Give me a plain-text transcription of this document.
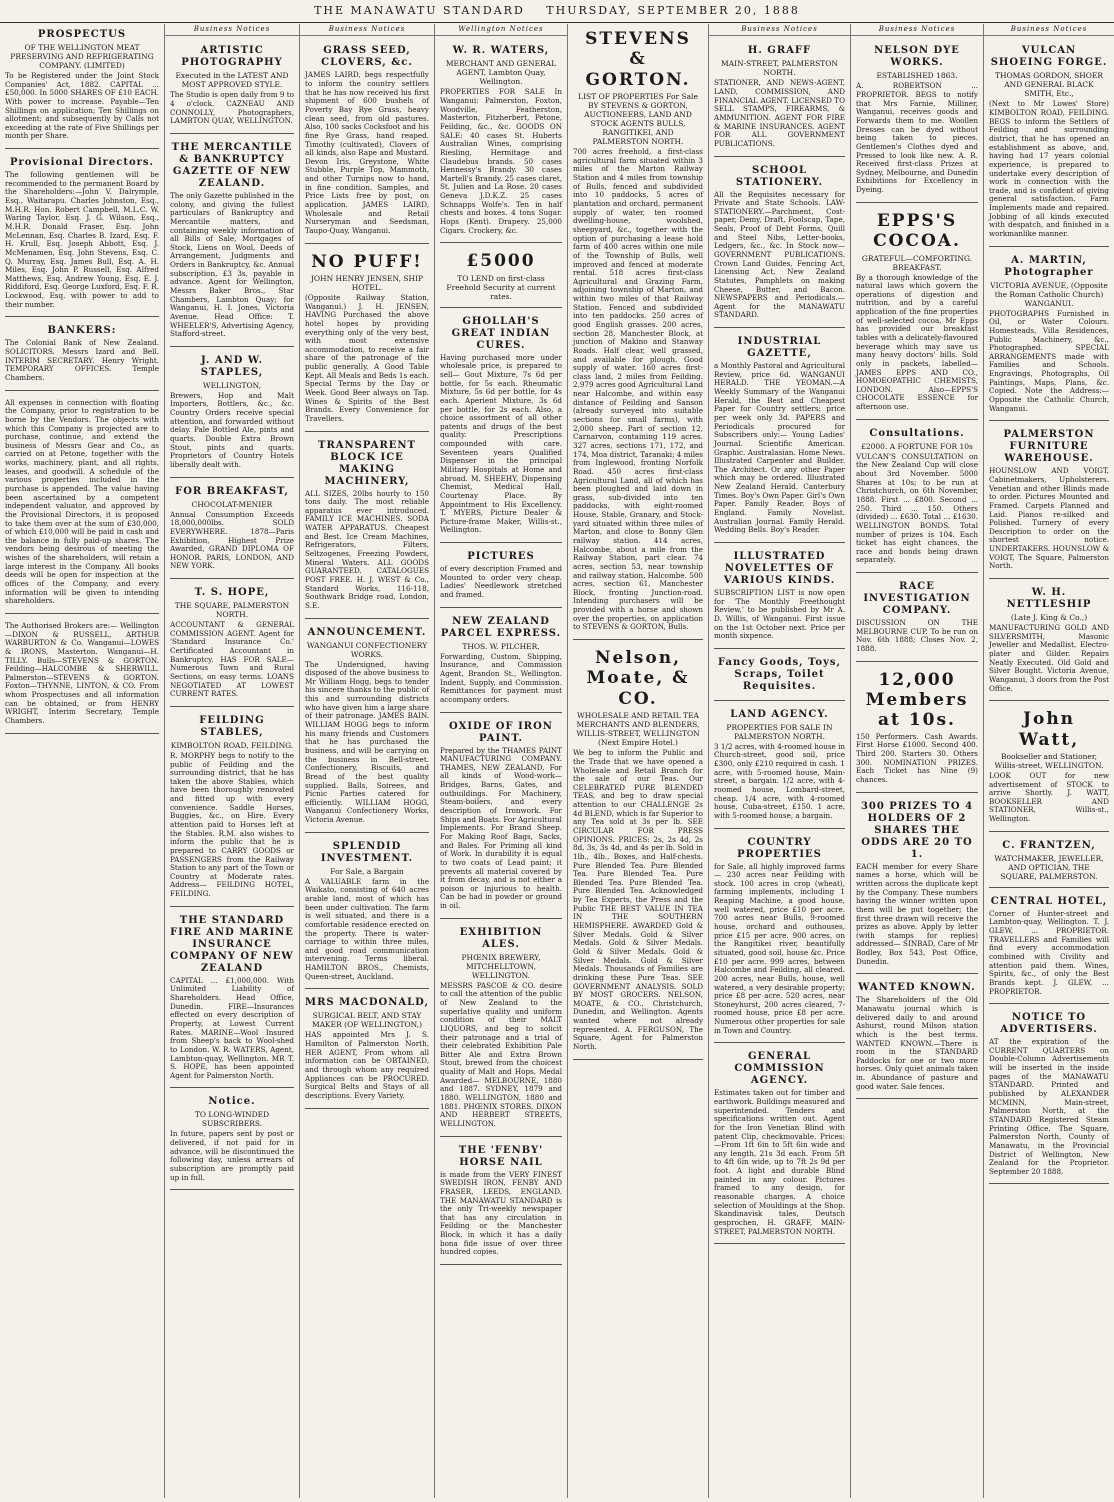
THE MANAWATU STANDARD THURSDAY, SEPTEMBER 20, 1888
PROSPECTUS
OF THE WELLINGTON MEAT PRESERVING AND REFRIGERATING COMPANY. (LIMITED)
To be Registered under the Joint Stock Companies' Act, 1882. CAPITAL ... £50,000. In 5000 SHARES OF £10 EACH. With power to increase. Payable—Ten Shillings on application; Ten Shillings on allotment; and subsequently by Calls not exceeding at the rate of Five Shillings per month per Share.
Provisional Directors.
The following gentlemen will be recommended to the permanent Board by the Shareholders:—John V. Dalrymple, Esq., Waitarapu. Charles Johnston, Esq., M.H.R. Hon. Robert Campbell, M.L.C. W. Waring Taylor, Esq. J. G. Wilson, Esq., M.H.R. Donald Fraser, Esq. John McLennan, Esq. Charles B. Izard, Esq. F. H. Krull, Esq. Joseph Abbott, Esq. J. McMenamen, Esq. John Stevens, Esq. C. Q. Murray, Esq. James Bull, Esq. A. H. Miles, Esq. John P. Russell, Esq. Alfred Matthews, Esq. Andrew Young, Esq. E. J. Riddiford, Esq. George Luxford, Esq. F. R. Lockwood, Esq. with power to add to their number.
BANKERS:
The Colonial Bank of New Zealand. SOLICITORS. Messrs Izard and Bell. INTERIM SECRETARY. Henry Wright. TEMPORARY OFFICES. Temple Chambers.
All expenses in connection with floating the Company, prior to registration to be borne by the Vendors. The objects with which this Company is projected are to purchase, continue, and extend the business of Messrs Gear and Co., as carried on at Petone, together with the works, machinery, plant, and all rights, leases, and goodwill. A schedule of the various properties included in the purchase is appended. The value having been ascertained by a competent independent valuator, and approved by the Provisional Directors, it is proposed to take them over at the sum of £30,000, of which £10,000 will be paid in cash and the balance in fully paid-up shares. The vendors being desirous of meeting the wishes of the shareholders, will retain a large interest in the Company. All books deeds will be open for inspection at the offices of the Company, and every information will be given to intending shareholders.
The Authorised Brokers are:— Wellington—DIXON & RUSSELL, ARTHUR WARBURTON & Co. Wanganui—LOWES & IRONS, Masterton. Wanganui—H. TILLY. Bulls—STEVENS & GORTON. Feilding—HALCOMBE & SHERWILL. Palmerston—STEVENS & GORTON. Foxton—THYNNE, LINTON, & CO. From whom Prospectuses and all information can be obtained, or from HENRY WRIGHT, Interim Secretary, Temple Chambers.
Business Notices
ARTISTIC PHOTOGRAPHY
Executed in the LATEST AND MOST APPROVED STYLE.
The Studio is open daily from 9 to 4 o'clock. CAZNEAU AND CONNOLLY, Photographers, LAMBTON QUAY, WELLINGTON.
THE MERCANTILE & BANKRUPTCY GAZETTE OF NEW ZEALAND.
The only Gazette published in the colony, and giving the fullest particulars of Bankruptcy and Mercantile matters, and containing weekly information of all Bills of Sale, Mortgages of Stock, Liens on Wool, Deeds of Arrangement, Judgments and Orders in Bankruptcy, &c. Annual subscription, £3 3s, payable in advance. Agent for Wellington, Messrs Baker Bros., Star Chambers, Lambton Quay; for Wanganui, H. I. Jones, Victoria Avenue. Head Office: T. WHEELER'S, Advertising Agency, Stafford-street.
J. AND W. STAPLES,
WELLINGTON,
Brewers, Hop and Malt Importers, Bottlers, &c., &c. Country Orders receive special attention, and forwarded without delay. Pale Bottled Ale, pints and quarts. Double Extra Brown Stout, pints and quarts. Proprietors of Country Hotels liberally dealt with.
FOR BREAKFAST,
CHOCOLAT-MENIER
Annual Consumption Exceeds 18,000,000lbs. SOLD EVERYWHERE. 1878—Paris Exhibition, Highest Prize Awarded, GRAND DIPLOMA OF HONOR. PARIS, LONDON, AND NEW YORK.
T. S. HOPE,
THE SQUARE, PALMERSTON NORTH.
ACCOUNTANT & GENERAL COMMISSION AGENT. Agent for 'Standard Insurance Co.' Certificated Accountant in Bankruptcy. HAS FOR SALE—Numerous Town and Rural Sections, on easy terms. LOANS NEGOTIATED AT LOWEST CURRENT RATES.
FEILDING STABLES,
KIMBOLTON ROAD, FEILDING.
R. MORPHY begs to notify to the public of Feilding and the surrounding district, that he has taken the above Stables, which have been thoroughly renovated and fitted up with every convenience. Saddle Horses, Buggies, &c., on Hire. Every attention paid to Horses left at the Stables. R.M. also wishes to inform the public that he is prepared to CARRY GOODS or PASSENGERS from the Railway Station to any part of the Town or Country at Moderate rates. Address— FEILDING HOTEL, FEILDING.
THE STANDARD FIRE AND MARINE INSURANCE COMPANY OF NEW ZEALAND
CAPITAL ... £1,000,000. With Unlimited Liability of Shareholders. Head Office, Dunedin. FIRE—Insurances effected on every description of Property, at Lowest Current Rates. MARINE—Wool Insured from Sheep's back to Wool-shed to London. W. R. WATERS, Agent, Lambton-quay, Wellington. MR T. S. HOPE, has been appointed Agent for Palmerston North.
Notice.
TO LONG-WINDED SUBSCRIBERS.
In future, papers sent by post or delivered, if not paid for in advance, will be discontinued the following day, unless arrears of subscription are promptly paid up in full.
Business Notices
GRASS SEED, CLOVERS, &c.
JAMES LAIRD, begs respectfully to inform the country settlers that he has now received his first shipment of 600 bushels of Poverty Bay Rye Grass, heavy clean seed, from old pastures. Also, 100 sacks Cocksfoot and his fine Rye Grass, hand reaped. Timothy (cultivated), Clovers of all kinds, also Rape and Mustard. Devon Iris, Greystone, White Stubble, Purple Top, Mammoth, and other Turnips now to hand, in fine condition. Samples, and Price Lists free by post, on application. JAMES LAIRD, Wholesale and Retail Nurseryman and Seedsman, Taupo-Quay, Wanganui.
NO PUFF!
JOHN HENRY JENSEN, SHIP HOTEL.
(Opposite Railway Station, Wanganui.) J. H. JENSEN, HAVING Purchased the above hotel hopes by providing everything only of the very best, with most extensive accommodation, to receive a fair share of the patronage of the public generally. A Good Table Kept. All Meals and Beds 1s each. Special Terms by the Day or Week. Good Beer always on Tap. Wines & Spirits of the Best Brands. Every Convenience for Travellers.
TRANSPARENT BLOCK ICE MAKING MACHINERY,
ALL SIZES, 20lbs hourly to 150 tons daily. The most reliable apparatus ever introduced. FAMILY ICE MACHINES. SODA WATER APPARATUS. Cheapest and Best. Ice Cream Machines, Refrigerators, Filters, Seltzogenes, Freezing Powders, Mineral Waters. ALL GOODS GUARANTEED. CATALOGUES POST FREE. H. J. WEST & Co., Standard Works, 116-118, Southwark Bridge road, London, S.E.
ANNOUNCEMENT.
WANGANUI CONFECTIONERY WORKS.
The Undersigned, having disposed of the above business to Mr William Hogg, begs to tender his sincere thanks to the public of this and surrounding districts who have given him a large share of their patronage. JAMES BAIN. WILLIAM HOGG begs to inform his many friends and Customers that he has purchased the business, and will be carrying on the business in Bell-street. Confectionery, Biscuits, and Bread of the best quality supplied. Balls, Soirees, and Picnic Parties catered for efficiently. WILLIAM HOGG, Wanganui Confectionery Works, Victoria Avenue.
SPLENDID INVESTMENT.
For Sale, a Bargain
A VALUABLE farm in the Waikato, consisting of 640 acres arable land, most of which has been under cultivation. The farm is well situated, and there is a comfortable residence erected on the property. There is water-carriage to within three miles, and good road communication intervening. Terms liberal. HAMILTON BROS., Chemists, Queen-street, Auckland.
MRS MACDONALD,
SURGICAL BELT, AND STAY MAKER (OF WELLINGTON,)
HAS appointed Mrs J. S. Hamilton of Palmerston North, HER AGENT, From whom all information can be OBTAINED, and through whom any required Appliances can be PROCURED. Surgical Belts and Stays of all descriptions. Every Variety.
Wellington Notices
W. R. WATERS,
MERCHANT AND GENERAL AGENT, Lambton Quay, Wellington.
PROPERTIES FOR SALE In Wanganui: Palmerston, Foxton, Woodville, Featherston, Masterton, Fitzherbert, Petone, Feilding, &c., &c. GOODS ON SALE: 40 cases St. Huberts Australian Wines, comprising Riesling, Hermitage and Claudebus brands. 50 cases Hennessy's Brandy. 30 cases Martell's Brandy. 25 cases claret, St. Julien and La Rose. 20 cases Geneva J.D.K.Z. 25 cases Schnapps Wolfe's. Ten in half chests and boxes. 4 tons Sugar. Hops (Kent). Drapery. 25,000 Cigars. Crockery, &c.
£5000
TO LEND on first-class Freehold Security at current rates.
GHOLLAH'S GREAT INDIAN CURES.
Having purchased more under wholesale price, is prepared to sell— Gout Mixture, 7s 6d per bottle, for 5s each. Rheumatic Mixture, 5s 6d per bottle, for 4s each. Aperient Mixture, 3s 6d per bottle, for 2s each. Also, a choice assortment of all other patents and drugs of the best quality. Prescriptions compounded with care. Seventeen years Qualified Dispenser in the principal Military Hospitals at Home and abroad. M. SHEEHY, Dispensing Chemist, Medical Hall, Courtenay Place. By Appointment to His Excellency. T. MYERS, Picture Dealer & Picture-frame Maker, Willis-st., Wellington.
PICTURES
of every description Framed and Mounted to order very cheap. Ladies' Needlework stretched and framed.
NEW ZEALAND PARCEL EXPRESS.
THOS. W. PILCHER,
Forwarding, Custom, Shipping, Insurance, and Commission Agent, Brandon St., Wellington. Indent, Supply, and Commission. Remittances for payment must accompany orders.
OXIDE OF IRON PAINT.
Prepared by the THAMES PAINT MANUFACTURING COMPANY. THAMES, NEW ZEALAND, For all kinds of Wood-work— Bridges, Barns, Gates, and outbuildings. For Machinery, Steam-boilers, and every description of Ironwork. For Ships and Boats. For Agricultural Implements. For Brand Sheep. For Making Roof Bags, Sacks, and Bales. For Priming all kind of Work. In durability it is equal to two coats of Lead paint; it prevents all material covered by it from decay, and is not either a poison or injurious to health. Can be had in powder or ground in oil.
EXHIBITION ALES.
PHŒNIX BREWERY, MITCHELLTOWN, WELLINGTON.
MESSRS PASCOE & CO. desire to call the attention of the public of New Zealand to the superlative quality and uniform condition of their MALT LIQUORS, and beg to solicit their patronage and a trial of their celebrated Exhibition Pale Bitter Ale and Extra Brown Stout, brewed from the choicest quality of Malt and Hops. Medal Awarded— MELBOURNE, 1880 and 1887. SYDNEY, 1879 and 1880. WELLINGTON, 1880 and 1881. PHŒNIX STORES, DIXON AND HERBERT STREETS, WELLINGTON.
THE 'FENBY' HORSE NAIL
is made from the VERY FINEST SWEDISH IRON, FENBY AND FRASER, LEEDS, ENGLAND. THE MANAWATU STANDARD is the only Tri-weekly newspaper that has any circulation in Feilding or the Manchester Block, in which it has a daily bona fide issue of over three hundred copies.
STEVENS & GORTON.
LIST OF PROPERTIES For Sale BY STEVENS & GORTON, AUCTIONEERS, LAND AND STOCK AGENTS BULLS, RANGITIKEI, AND PALMERSTON NORTH.
700 acres freehold, a first-class agricultural farm situated within 3 miles of the Marton Railway Station and 4 miles from township of Bulls, fenced and subdivided into 10 paddocks, 5 acres of plantation and orchard, permanent supply of water, ten roomed dwelling-house, woolshed, sheepyard, &c., together with the option of purchasing a lease hold farm of 400 acres within one mile of the Township of Bulls, well improved and fenced at moderate rental. 518 acres first-class Agricultural and Grazing Farm, adjoining township of Marton, and within two miles of that Railway Station. Fenced and subdivided into ten paddocks. 250 acres of good English grasses. 200 acres, section 28, Manchester Block, at junction of Makino and Stanway Roads. Half clear, well grassed, and available for plough. Good supply of water. 160 acres first-class land, 2 miles from Feilding. 2,979 acres good Agricultural Land near Halcombe, and within easy distance of Feilding and Sanson (already surveyed into suitable sections for small farms), with 2,000 sheep. Part of section 12, Carnarvon, containing 119 acres. 327 acres, sections 171, 172, and 174, Moa district, Taranaki; 4 miles from Inglewood, fronting Norfolk Road. 450 acres first-class Agricultural Land, all of which has been ploughed and laid down in grass, sub-divided into ten paddocks, with eight-roomed House, Stable, Granary, and Stock-yard situated within three miles of Marton, and close to Bonny Glen railway station. 414 acres, Halcombe, about a mile from the Railway Station, part clear. 74 acres, section 53, near township and railway station, Halcombe. 500 acres, section 61, Manchester Block, fronting Junction-road. Intending purchasers will be provided with a horse and shown over the properties, on application to STEVENS & GORTON, Bulls.
Nelson, Moate, & CO.
WHOLESALE AND RETAIL TEA MERCHANTS AND BLENDERS, WILLIS-STREET, WELLINGTON (Next Empire Hotel.)
We beg to inform the Public and the Trade that we have opened a Wholesale and Retail Branch for the sale of our Teas. Our CELEBRATED PURE BLENDED TEAS, and beg to draw special attention to our CHALLENGE 2s 4d BLEND, which is far Superior to any Tea sold at 3s per lb. SEE CIRCULAR FOR PRESS OPINIONS. PRICES: 2s, 2s 4d, 2s 8d, 3s, 3s 4d, and 4s per lb. Sold in 1lb., 4lb., Boxes, and Half-chests. Pure Blended Tea. Pure Blended Tea. Pure Blended Tea. Pure Blended Tea. Pure Blended Tea. Pure Blended Tea. Acknowledged by Tea Experts, the Press and the Public THE BEST VALUE IN TEA IN THE SOUTHERN HEMISPHERE. AWARDED Gold & Silver Medals. Gold & Silver Medals. Gold & Silver Medals. Gold & Silver Medals. Gold & Silver Medals. Gold & Silver Medals. Thousands of Families are drinking these Pure Teas. SEE GOVERNMENT ANALYSIS. SOLD BY MOST GROCERS. NELSON, MOATE, & CO., Christchurch, Dunedin, and Wellington. Agents wanted where not already represented. A. FERGUSON, The Square, Agent for Palmerston North.
Business Notices
H. GRAFF
MAIN-STREET, PALMERSTON NORTH.
STATIONER, AND NEWS-AGENT, LAND, COMMISSION, AND FINANCIAL AGENT. LICENSED TO SELL STAMPS, FIREARMS, & AMMUNITION. AGENT FOR FIRE & MARINE INSURANCES. AGENT FOR ALL GOVERNMENT PUBLICATIONS.
SCHOOL STATIONERY.
All the Requisites necessary for Private and State Schools. LAW-STATIONERY.—Parchment, Cost-paper, Demy, Draft, Foolscap, Tape, Seals, Proof of Debt Forms, Quill and Steel Nibs, Letter-books, Ledgers, &c., &c. In Stock now— GOVERNMENT PUBLICATIONS. Crown Land Guides, Fencing Act, Licensing Act, New Zealand Statutes, Pamphlets on making Cheese, Butter, and Bacon. NEWSPAPERS and Periodicals.— Agent for the MANAWATU STANDARD.
INDUSTRIAL GAZETTE,
a Monthly Pastoral and Agricultural Review, price 6d. WANGANUI HERALD. THE YEOMAN.—A Weekly Summary of the Wanganui Herald, the Best and Cheapest Paper for Country settlers; price per week only 3d. PAPERS and Periodicals procured for Subscribers only:— Young Ladies' Journal. Scientific American. Graphic. Australasian. Home News. Illustrated Carpenter and Builder. The Architect. Or any other Paper which may be ordered. Illustrated New Zealand Herald. Canterbury Times. Boy's Own Paper. Girl's Own Paper. Family Reader. Boys of England. Family Novelist. Australian Journal. Family Herald. Wedding Bells. Boy's Reader.
ILLUSTRATED NOVELETTES OF VARIOUS KINDS.
SUBSCRIPTION LIST is now open for 'The Monthly Freethought Review,' to be published by Mr A. D. Willis, of Wanganui. First issue on the 1st October next. Price per month sixpence.
Fancy Goods, Toys, Scraps, Toilet Requisites.
LAND AGENCY.
PROPERTIES FOR SALE IN PALMERSTON NORTH.
3 1/2 acres, with 4-roomed house in Church-street, good soil, price £300, only £210 required in cash. 1 acre, with 5-roomed house, Main-street, a bargain. 1/2 acre, with 4-roomed house, Lombard-street, cheap. 1/4 acre, with 4-roomed house, Cuba-street, £150. 1 acre, with 5-roomed house, a bargain.
COUNTRY PROPERTIES
for Sale, all highly improved farms— 230 acres near Feilding with stock. 100 acres in crop (wheat), farming implements, including 1 Reaping Machine, a good house, well watered, price £10 per acre. 700 acres near Bulls, 9-roomed house, orchard and outhouses, price £15 per acre. 900 acres, on the Rangitikei river, beautifully situated, good soil, house &c. Price £10 per acre. 999 acres, between Halcombe and Feilding, all cleared. 200 acres, near Bulls, house, well watered, a very desirable property; price £8 per acre. 520 acres, near Stoneyhurst, 200 acres cleared, 7-roomed house, price £8 per acre. Numerous other properties for sale in Town and Country.
GENERAL COMMISSION AGENCY.
Estimates taken out for timber and earthwork. Buildings measured and superintended. Tenders and specifications written out. Agent for the Iron Venetian Blind with patent Clip, checkmovable. Prices:—From 1ft 6in to 5ft 6in wide and any length, 21s 3d each. From 5ft to 4ft 6in wide, up to 7ft 2s 9d per foot. A light and durable Blind painted in any colour. Pictures framed to any design, for reasonable charges. A choice selection of Mouldings at the Shop. Skandinavisk tales, Deutsch gesprochen, H. GRAFF, MAIN-STREET, PALMERSTON NORTH.
Business Notices
NELSON DYE WORKS.
ESTABLISHED 1863.
A. ROBERTSON ... PROPRIETOR. BEGS to notify that Mrs Farnie, Milliner, Wanganui, receives goods and Forwards them to me. Woollen Dresses can be dyed without being taken to pieces. Gentlemen's Clothes dyed and Pressed to look like new. A. R. Received first-class Prizes at Sydney, Melbourne, and Dunedin Exhibitions for Excellency in Dyeing.
EPPS'S COCOA.
GRATEFUL—COMFORTING. BREAKFAST.
By a thorough knowledge of the natural laws which govern the operations of digestion and nutrition, and by a careful application of the fine properties of well-selected cocoa, Mr Epps has provided our breakfast tables with a delicately-flavoured beverage which may save us many heavy doctors' bills. Sold only in packets, labelled— JAMES EPPS AND CO., HOMOEOPATHIC CHEMISTS, LONDON. Also—EPPS'S CHOCOLATE ESSENCE for afternoon use.
Consultations.
£2000. A FORTUNE FOR 10s
VULCAN'S CONSULTATION on the New Zealand Cup will close about 3rd November. 5000 Shares at 10s; to be run at Christchurch, on 6th November, 1888. First ... £800. Second ... 250. Third ... 150. Others (divided) ... £630. Total ... £1630. WELLINGTON BONDS. Total number of prizes is 104. Each ticket has eight chances, the race and bonds being drawn separately.
RACE INVESTIGATION COMPANY.
DISCUSSION ON THE MELBOURNE CUP. To be run on Nov. 6th 1888; Closes Nov. 2, 1888.
12,000 Members at 10s.
150 Performers. Cash Awards. First Horse £1000. Second 400. Third 200. Starters 30. Others 300. NOMINATION PRIZES. Each Ticket has Nine (9) chances.
300 PRIZES TO 4 HOLDERS OF 2 SHARES THE ODDS ARE 20 TO 1.
EACH member for every Share names a horse, which will be written across the duplicate kept by the Company. These numbers having the winner written upon them will be put together; the first three drawn will receive the prizes as above. Apply by letter (with stamps for replies) addressed— SINBAD, Care of Mr Bodley, Box 543, Post Office, Dunedin.
WANTED KNOWN.
The Shareholders of the Old Manawatu journal which is delivered daily to and around Ashurst, round Milson station which is the best terms. WANTED KNOWN.—There is room in the STANDARD Paddocks for one or two more horses. Only quiet animals taken in. Abundance of pasture and good water. Sale fences.
Business Notices
VULCAN SHOEING FORGE.
THOMAS GORDON, SHOER AND GENERAL BLACK SMITH, Etc.,
(Next to Mr Lowes' Store) KIMBOLTON ROAD, FEILDING. BEGS to inform the Settlers of Feilding and surrounding district, that he has opened an establishment as above, and, having had 17 years colonial experience, is prepared to undertake every description of work in connection with the trade, and is confident of giving general satisfaction. Farm Implements made and repaired. Jobbing of all kinds executed with despatch, and finished in a workmanlike manner.
A. MARTIN, Photographer
VICTORIA AVENUE, (Opposite the Roman Catholic Church) WANGANUI.
PHOTOGRAPHS Furnished in Oil, or Water Colours. Homesteads, Villa Residences, Public Machinery, &c., Photographed. SPECIAL ARRANGEMENTS made with Families and Schools. Engravings, Photographs, Oil Paintings, Maps, Plans, &c. Copied. Note the Address:—Opposite the Catholic Church, Wanganui.
PALMERSTON FURNITURE WAREHOUSE.
HOUNSLOW AND VOIGT, Cabinetmakers, Upholsterers. Venetian and other Blinds made to order. Pictures Mounted and Framed. Carpets Planned and Laid. Pianos re-silked and Polished. Turnery of every Description to order on the shortest notice. UNDERTAKERS. HOUNSLOW & VOIGT, The Square, Palmerston North.
W. H. NETTLESHIP
(Late J. King & Co.,)
MANUFACTURING GOLD AND SILVERSMITH, Masonic Jeweller and Medallist, Electro-plater and Gilder. Repairs Neatly Executed. Old Gold and Silver Bought. Victoria Avenue, Wanganui, 3 doors from the Post Office.
John Watt,
Bookseller and Stationer, Willis-street, WELLINGTON.
LOOK OUT for new advertisement of STOCK to arrive Shortly. J. WATT, BOOKSELLER AND STATIONER, Willis-st., Wellington.
C. FRANTZEN,
WATCHMAKER, JEWELLER, AND OPTICIAN, THE SQUARE, PALMERSTON.
CENTRAL HOTEL,
Corner of Hunter-street and Lambton-quay, Wellington. T. J. GLEW, ... PROPRIETOR. TRAVELLERS and Families will find every accommodation combined with Civility and attention paid them. Wines, Spirits, &c., of only the Best Brands kept. J. GLEW, ... PROPRIETOR.
NOTICE TO ADVERTISERS.
AT the expiration of the CURRENT QUARTERS on Double-Column Advertisements will be inserted in the inside pages of the MANAWATU STANDARD. Printed and published by ALEXANDER MCMINN, Main-street, Palmerston North, at the STANDARD Registered Steam Printing Office, The Square, Palmerston North, County of Manawatu, in the Provincial District of Wellington, New Zealand for the Proprietor. September 20 1888.
